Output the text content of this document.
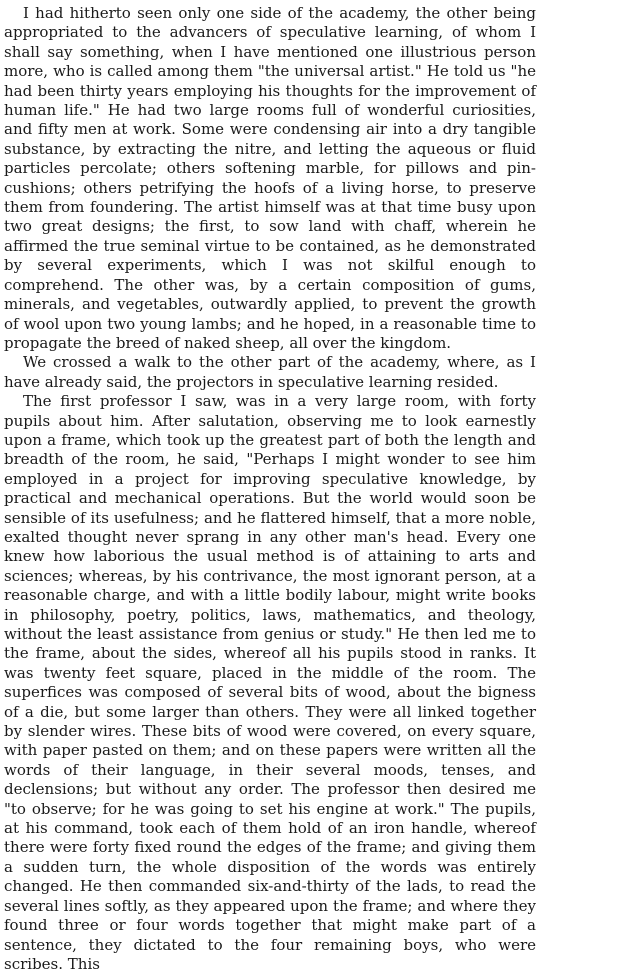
I had hitherto seen only one side of the academy, the other being appropriated to the advancers of speculative learning, of whom I shall say something, when I have mentioned one illustrious person more, who is called among them "the universal artist." He told us "he had been thirty years employing his thoughts for the improvement of human life." He had two large rooms full of wonderful curiosities, and fifty men at work. Some were condensing air into a dry tangible substance, by extracting the nitre, and letting the aqueous or fluid particles percolate; others softening marble, for pillows and pin-cushions; others petrifying the hoofs of a living horse, to preserve them from foundering. The artist himself was at that time busy upon two great designs; the first, to sow land with chaff, wherein he affirmed the true seminal virtue to be contained, as he demonstrated by several experiments, which I was not skilful enough to comprehend. The other was, by a certain composition of gums, minerals, and vegetables, outwardly applied, to prevent the growth of wool upon two young lambs; and he hoped, in a reasonable time to propagate the breed of naked sheep, all over the kingdom.

We crossed a walk to the other part of the academy, where, as I have already said, the projectors in speculative learning resided.

The first professor I saw, was in a very large room, with forty pupils about him. After salutation, observing me to look earnestly upon a frame, which took up the greatest part of both the length and breadth of the room, he said, "Perhaps I might wonder to see him employed in a project for improving speculative knowledge, by practical and mechanical operations. But the world would soon be sensible of its usefulness; and he flattered himself, that a more noble, exalted thought never sprang in any other man's head. Every one knew how laborious the usual method is of attaining to arts and sciences; whereas, by his contrivance, the most ignorant person, at a reasonable charge, and with a little bodily labour, might write books in philosophy, poetry, politics, laws, mathematics, and theology, without the least assistance from genius or study." He then led me to the frame, about the sides, whereof all his pupils stood in ranks. It was twenty feet square, placed in the middle of the room. The superfices was composed of several bits of wood, about the bigness of a die, but some larger than others. They were all linked together by slender wires. These bits of wood were covered, on every square, with paper pasted on them; and on these papers were written all the words of their language, in their several moods, tenses, and declensions; but without any order. The professor then desired me "to observe; for he was going to set his engine at work." The pupils, at his command, took each of them hold of an iron handle, whereof there were forty fixed round the edges of the frame; and giving them a sudden turn, the whole disposition of the words was entirely changed. He then commanded six-and-thirty of the lads, to read the several lines softly, as they appeared upon the frame; and where they found three or four words together that might make part of a sentence, they dictated to the four remaining boys, who were scribes. This
